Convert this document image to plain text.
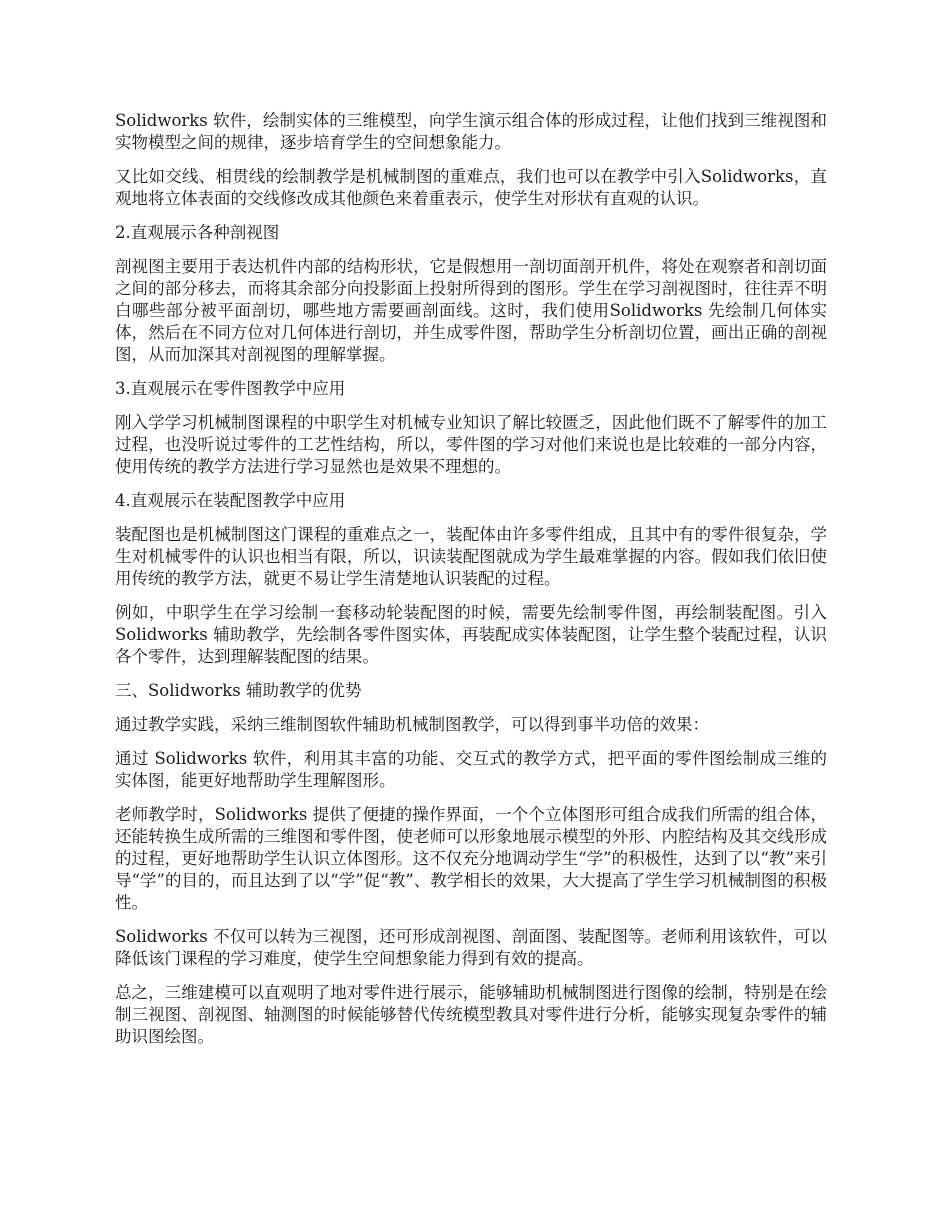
Solidworks 软件，绘制实体的三维模型，向学生演示组合体的形成过程，让他们找到三维视图和实物模型之间的规律，逐步培育学生的空间想象能力。

又比如交线、相贯线的绘制教学是机械制图的重难点，我们也可以在教学中引入Solidworks，直观地将立体表面的交线修改成其他颜色来着重表示，使学生对形状有直观的认识。

2.直观展示各种剖视图

剖视图主要用于表达机件内部的结构形状，它是假想用一剖切面剖开机件，将处在观察者和剖切面之间的部分移去，而将其余部分向投影面上投射所得到的图形。学生在学习剖视图时，往往弄不明白哪些部分被平面剖切，哪些地方需要画剖面线。这时，我们使用Solidworks 先绘制几何体实体，然后在不同方位对几何体进行剖切，并生成零件图，帮助学生分析剖切位置，画出正确的剖视图，从而加深其对剖视图的理解掌握。

3.直观展示在零件图教学中应用

刚入学学习机械制图课程的中职学生对机械专业知识了解比较匮乏，因此他们既不了解零件的加工过程，也没听说过零件的工艺性结构，所以，零件图的学习对他们来说也是比较难的一部分内容，使用传统的教学方法进行学习显然也是效果不理想的。

4.直观展示在装配图教学中应用

装配图也是机械制图这门课程的重难点之一，装配体由许多零件组成，且其中有的零件很复杂，学生对机械零件的认识也相当有限，所以，识读装配图就成为学生最难掌握的内容。假如我们依旧使用传统的教学方法，就更不易让学生清楚地认识装配的过程。

例如，中职学生在学习绘制一套移动轮装配图的时候，需要先绘制零件图，再绘制装配图。引入 Solidworks 辅助教学，先绘制各零件图实体，再装配成实体装配图，让学生整个装配过程，认识各个零件，达到理解装配图的结果。

三、Solidworks 辅助教学的优势

通过教学实践，采纳三维制图软件辅助机械制图教学，可以得到事半功倍的效果：

通过 Solidworks 软件，利用其丰富的功能、交互式的教学方式，把平面的零件图绘制成三维的实体图，能更好地帮助学生理解图形。

老师教学时，Solidworks 提供了便捷的操作界面，一个个立体图形可组合成我们所需的组合体，还能转换生成所需的三维图和零件图，使老师可以形象地展示模型的外形、内腔结构及其交线形成的过程，更好地帮助学生认识立体图形。这不仅充分地调动学生“学”的积极性，达到了以“教”来引导“学”的目的，而且达到了以“学”促“教”、教学相长的效果，大大提高了学生学习机械制图的积极性。

Solidworks 不仅可以转为三视图，还可形成剖视图、剖面图、装配图等。老师利用该软件，可以降低该门课程的学习难度，使学生空间想象能力得到有效的提高。

总之，三维建模可以直观明了地对零件进行展示，能够辅助机械制图进行图像的绘制，特别是在绘制三视图、剖视图、轴测图的时候能够替代传统模型教具对零件进行分析，能够实现复杂零件的辅助识图绘图。
